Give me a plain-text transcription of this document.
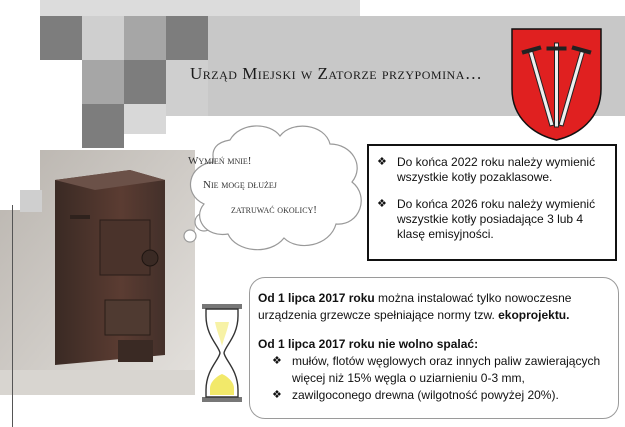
Urząd Miejski w Zatorze przypomina…
Wymień mnie!
Nie mogę dłużej
zatruwać okolicy!
❖ Do końca 2022 roku należy wymienić wszystkie kotły pozaklasowe.
❖ Do końca 2026 roku należy wymienić wszystkie kotły posiadające 3 lub 4 klasę emisyjności.

Od 1 lipca 2017 roku można instalować tylko nowoczesne urządzenia grzewcze spełniające normy tzw. ekoprojektu.

Od 1 lipca 2017 roku nie wolno spalać:

❖ mułów, flotów węglowych oraz innych paliw zawierających więcej niż 15% węgla o uziarnieniu 0-3 mm,
❖ zawilgoconego drewna (wilgotność powyżej 20%).
